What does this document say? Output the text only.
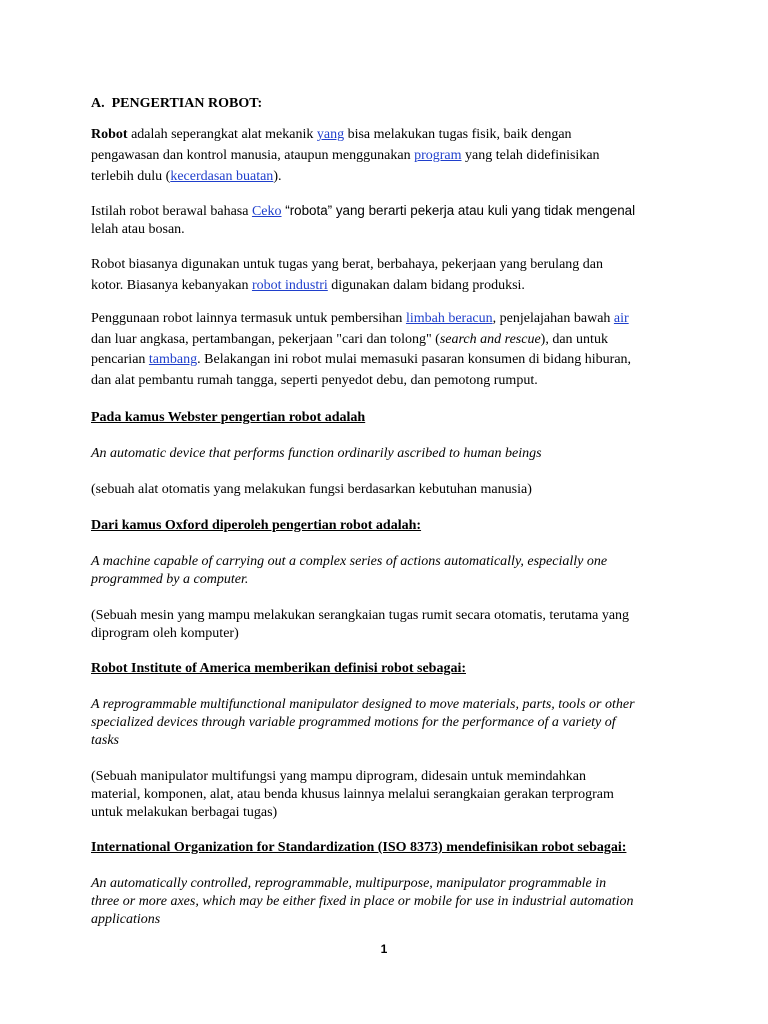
A. PENGERTIAN ROBOT:
Robot adalah seperangkat alat mekanik yang bisa melakukan tugas fisik, baik dengan
pengawasan dan kontrol manusia, ataupun menggunakan program yang telah didefinisikan
terlebih dulu (kecerdasan buatan).
Istilah robot berawal bahasa Ceko “robota” yang berarti pekerja atau kuli yang tidak mengenal
lelah atau bosan.
Robot biasanya digunakan untuk tugas yang berat, berbahaya, pekerjaan yang berulang dan
kotor. Biasanya kebanyakan robot industri digunakan dalam bidang produksi.
Penggunaan robot lainnya termasuk untuk pembersihan limbah beracun, penjelajahan bawah air
dan luar angkasa, pertambangan, pekerjaan "cari dan tolong" (search and rescue), dan untuk
pencarian tambang. Belakangan ini robot mulai memasuki pasaran konsumen di bidang hiburan,
dan alat pembantu rumah tangga, seperti penyedot debu, dan pemotong rumput.
Pada kamus Webster pengertian robot adalah
An automatic device that performs function ordinarily ascribed to human beings
(sebuah alat otomatis yang melakukan fungsi berdasarkan kebutuhan manusia)
Dari kamus Oxford diperoleh pengertian robot adalah:
A machine capable of carrying out a complex series of actions automatically, especially one
programmed by a computer.
(Sebuah mesin yang mampu melakukan serangkaian tugas rumit secara otomatis, terutama yang
diprogram oleh komputer)
Robot Institute of America memberikan definisi robot sebagai:
A reprogrammable multifunctional manipulator designed to move materials, parts, tools or other
specialized devices through variable programmed motions for the performance of a variety of
tasks
(Sebuah manipulator multifungsi yang mampu diprogram, didesain untuk memindahkan
material, komponen, alat, atau benda khusus lainnya melalui serangkaian gerakan terprogram
untuk melakukan berbagai tugas)
International Organization for Standardization (ISO 8373) mendefinisikan robot sebagai:
An automatically controlled, reprogrammable, multipurpose, manipulator programmable in
three or more axes, which may be either fixed in place or mobile for use in industrial automation
applications
1
